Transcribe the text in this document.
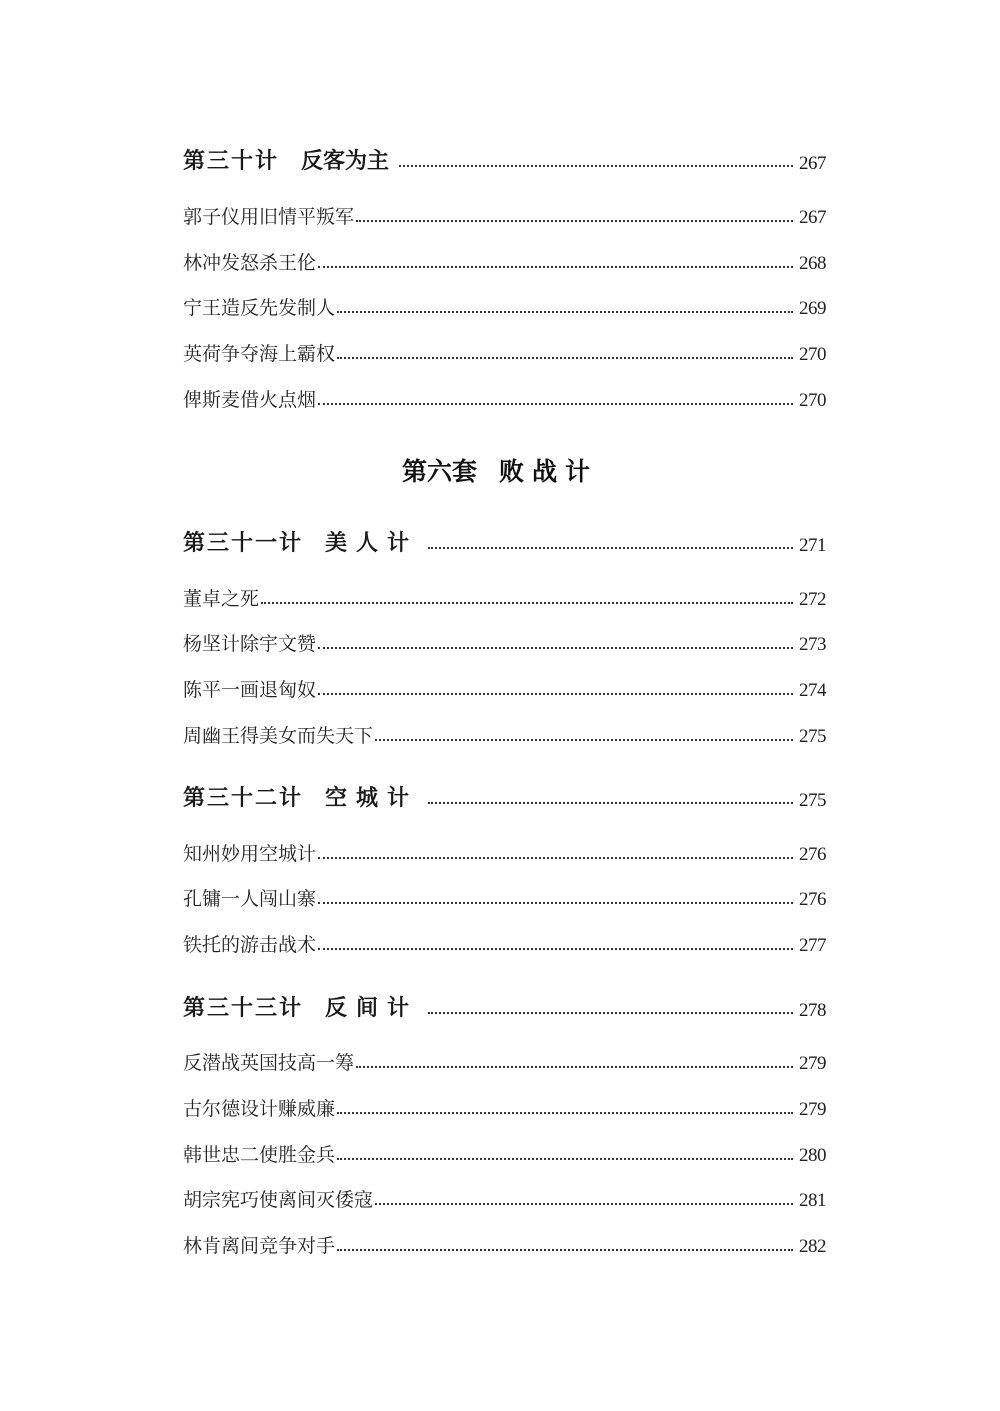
第三十计 反客为主	267
郭子仪用旧情平叛军	267
林冲发怒杀王伦	268
宁王造反先发制人	269
英荷争夺海上霸权	270
俾斯麦借火点烟	270
第六套 败战计
第三十一计 美人计	271
董卓之死	272
杨坚计除宇文赞	273
陈平一画退匈奴	274
周幽王得美女而失天下	275
第三十二计 空城计	275
知州妙用空城计	276
孔镛一人闯山寨	276
铁托的游击战术	277
第三十三计 反间计	278
反潜战英国技高一筹	279
古尔德设计赚威廉	279
韩世忠二使胜金兵	280
胡宗宪巧使离间灭倭寇	281
林肯离间竞争对手	282
